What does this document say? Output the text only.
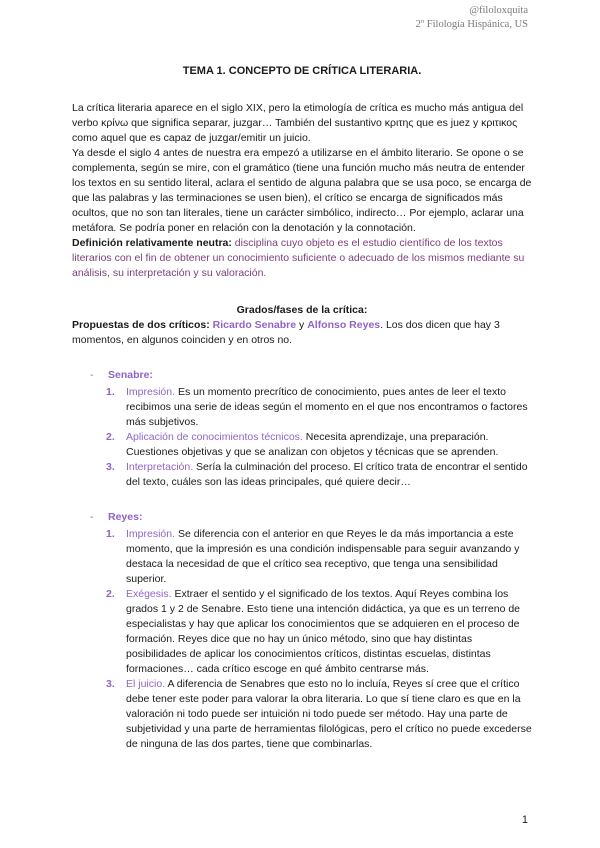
@filoloxquita
2º Filología Hispánica, US
TEMA 1. CONCEPTO DE CRÍTICA LITERARIA.

La crítica literaria aparece en el siglo XIX, pero la etimología de crítica es mucho más antigua del verbo κρίνω que significa separar, juzgar… También del sustantivo κριτης que es juez y κριτικος como aquel que es capaz de juzgar/emitir un juicio.

Ya desde el siglo 4 antes de nuestra era empezó a utilizarse en el ámbito literario. Se opone o se complementa, según se mire, con el gramático (tiene una función mucho más neutra de entender los textos en su sentido literal, aclara el sentido de alguna palabra que se usa poco, se encarga de que las palabras y las terminaciones se usen bien), el crítico se encarga de significados más ocultos, que no son tan literales, tiene un carácter simbólico, indirecto… Por ejemplo, aclarar una metáfora. Se podría poner en relación con la denotación y la connotación.

Definición relativamente neutra: disciplina cuyo objeto es el estudio científico de los textos literarios con el fin de obtener un conocimiento suficiente o adecuado de los mismos mediante su análisis, su interpretación y su valoración.

Grados/fases de la crítica:

Propuestas de dos críticos: Ricardo Senabre y Alfonso Reyes. Los dos dicen que hay 3 momentos, en algunos coinciden y en otros no.

- Senabre:
1. Impresión. Es un momento precrítico de conocimiento, pues antes de leer el texto recibimos una serie de ideas según el momento en el que nos encontramos o factores más subjetivos.
2. Aplicación de conocimientos técnicos. Necesita aprendizaje, una preparación. Cuestiones objetivas y que se analizan con objetos y técnicas que se aprenden.
3. Interpretación. Sería la culminación del proceso. El crítico trata de encontrar el sentido del texto, cuáles son las ideas principales, qué quiere decir…
- Reyes:
1. Impresión. Se diferencia con el anterior en que Reyes le da más importancia a este momento, que la impresión es una condición indispensable para seguir avanzando y destaca la necesidad de que el crítico sea receptivo, que tenga una sensibilidad superior.
2. Exégesis. Extraer el sentido y el significado de los textos. Aquí Reyes combina los grados 1 y 2 de Senabre. Esto tiene una intención didáctica, ya que es un terreno de especialistas y hay que aplicar los conocimientos que se adquieren en el proceso de formación. Reyes dice que no hay un único método, sino que hay distintas posibilidades de aplicar los conocimientos críticos, distintas escuelas, distintas formaciones… cada crítico escoge en qué ámbito centrarse más.
3. El juicio. A diferencia de Senabres que esto no lo incluía, Reyes sí cree que el crítico debe tener este poder para valorar la obra literaria. Lo que sí tiene claro es que en la valoración ni todo puede ser intuición ni todo puede ser método. Hay una parte de subjetividad y una parte de herramientas filológicas, pero el crítico no puede excederse de ninguna de las dos partes, tiene que combinarlas.
1
